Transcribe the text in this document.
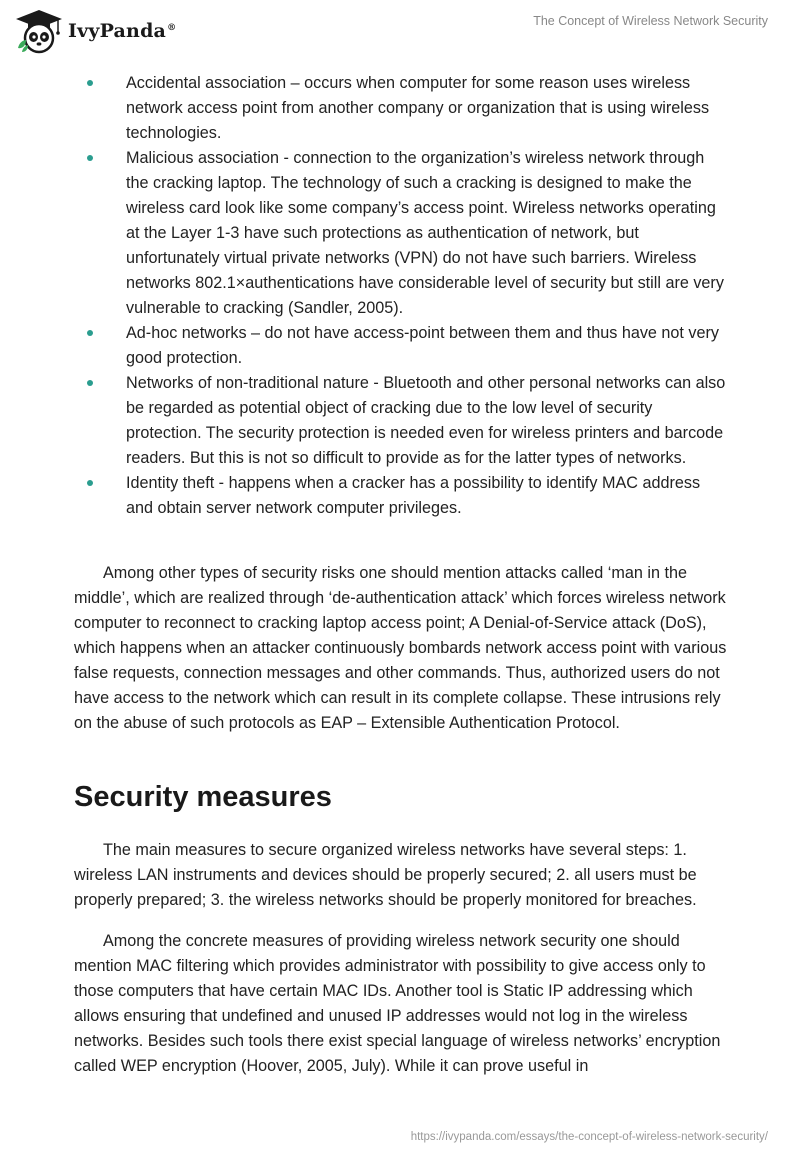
IvyPanda®	The Concept of Wireless Network Security
Accidental association – occurs when computer for some reason uses wireless network access point from another company or organization that is using wireless technologies.
Malicious association - connection to the organization’s wireless network through the cracking laptop. The technology of such a cracking is designed to make the wireless card look like some company’s access point. Wireless networks operating at the Layer 1-3 have such protections as authentication of network, but unfortunately virtual private networks (VPN) do not have such barriers. Wireless networks 802.1×authentications have considerable level of security but still are very vulnerable to cracking (Sandler, 2005).
Ad-hoc networks – do not have access-point between them and thus have not very good protection.
Networks of non-traditional nature - Bluetooth and other personal networks can also be regarded as potential object of cracking due to the low level of security protection. The security protection is needed even for wireless printers and barcode readers. But this is not so difficult to provide as for the latter types of networks.
Identity theft - happens when a cracker has a possibility to identify MAC address and obtain server network computer privileges.

Among other types of security risks one should mention attacks called ‘man in the middle’, which are realized through ‘de-authentication attack’ which forces wireless network computer to reconnect to cracking laptop access point; A Denial-of-Service attack (DoS), which happens when an attacker continuously bombards network access point with various false requests, connection messages and other commands. Thus, authorized users do not have access to the network which can result in its complete collapse. These intrusions rely on the abuse of such protocols as EAP – Extensible Authentication Protocol.

Security measures

The main measures to secure organized wireless networks have several steps: 1. wireless LAN instruments and devices should be properly secured; 2. all users must be properly prepared; 3. the wireless networks should be properly monitored for breaches.

Among the concrete measures of providing wireless network security one should mention MAC filtering which provides administrator with possibility to give access only to those computers that have certain MAC IDs. Another tool is Static IP addressing which allows ensuring that undefined and unused IP addresses would not log in the wireless networks. Besides such tools there exist special language of wireless networks’ encryption called WEP encryption (Hoover, 2005, July). While it can prove useful in

https://ivypanda.com/essays/the-concept-of-wireless-network-security/
